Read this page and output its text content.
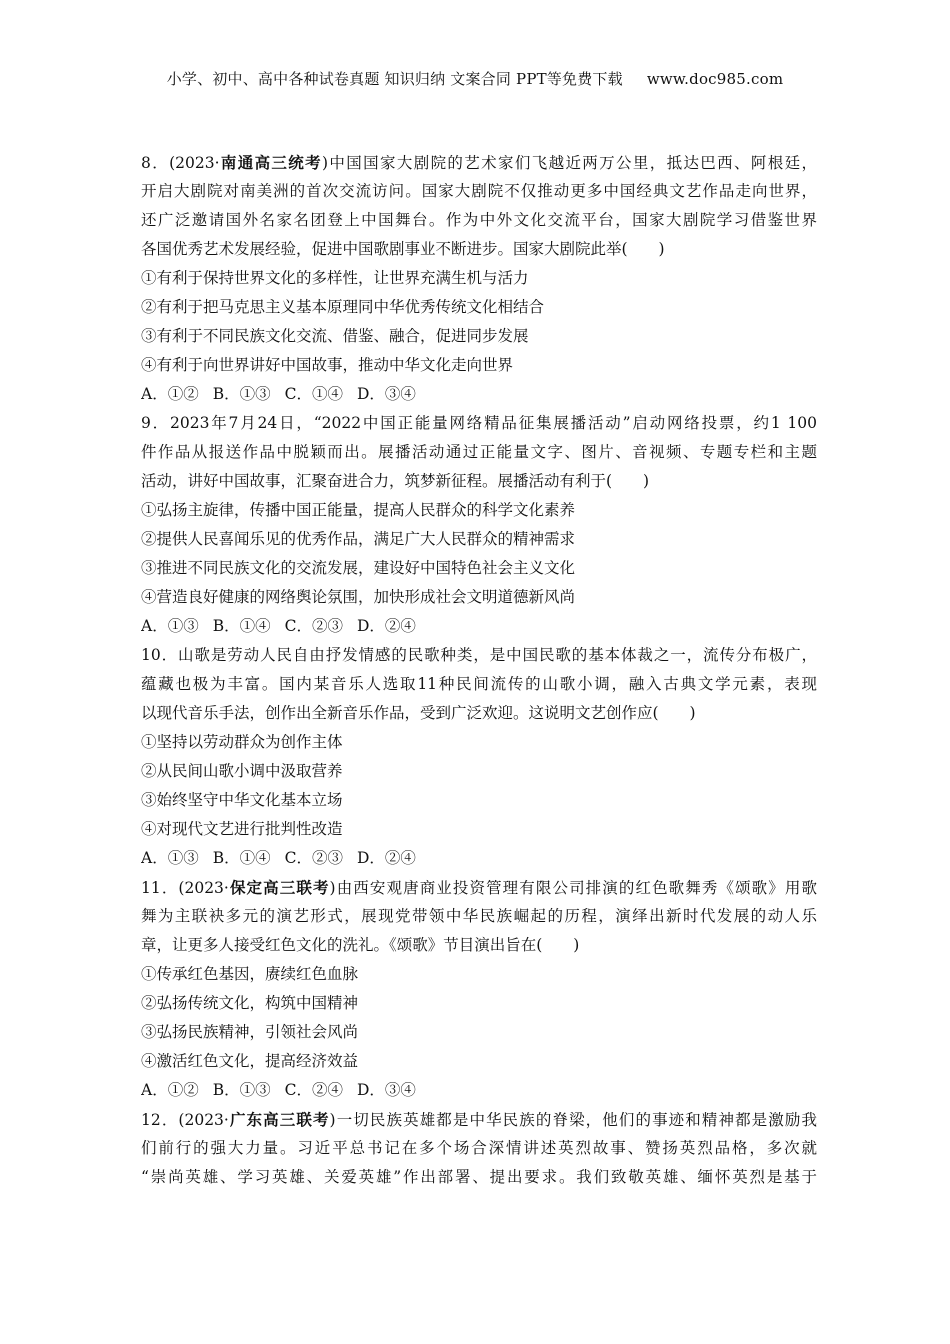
小学、初中、高中各种试卷真题 知识归纳 文案合同 PPT等免费下载 www.doc985.com
8．(2023·南通高三统考)中国国家大剧院的艺术家们飞越近两万公里，抵达巴西、阿根廷，
开启大剧院对南美洲的首次交流访问。国家大剧院不仅推动更多中国经典文艺作品走向世界，
还广泛邀请国外名家名团登上中国舞台。作为中外文化交流平台，国家大剧院学习借鉴世界
各国优秀艺术发展经验，促进中国歌剧事业不断进步。国家大剧院此举(　　)
①有利于保持世界文化的多样性，让世界充满生机与活力
②有利于把马克思主义基本原理同中华优秀传统文化相结合
③有利于不同民族文化交流、借鉴、融合，促进同步发展
④有利于向世界讲好中国故事，推动中华文化走向世界
A．①② B．①③ C．①④ D．③④
9．2023年7月24日，“2022中国正能量网络精品征集展播活动”启动网络投票，约1 100
件作品从报送作品中脱颖而出。展播活动通过正能量文字、图片、音视频、专题专栏和主题
活动，讲好中国故事，汇聚奋进合力，筑梦新征程。展播活动有利于(　　)
①弘扬主旋律，传播中国正能量，提高人民群众的科学文化素养
②提供人民喜闻乐见的优秀作品，满足广大人民群众的精神需求
③推进不同民族文化的交流发展，建设好中国特色社会主义文化
④营造良好健康的网络舆论氛围，加快形成社会文明道德新风尚
A．①③ B．①④ C．②③ D．②④
10．山歌是劳动人民自由抒发情感的民歌种类，是中国民歌的基本体裁之一，流传分布极广，
蕴藏也极为丰富。国内某音乐人选取11种民间流传的山歌小调，融入古典文学元素，表现
以现代音乐手法，创作出全新音乐作品，受到广泛欢迎。这说明文艺创作应(　　)
①坚持以劳动群众为创作主体
②从民间山歌小调中汲取营养
③始终坚守中华文化基本立场
④对现代文艺进行批判性改造
A．①③ B．①④ C．②③ D．②④
11．(2023·保定高三联考)由西安观唐商业投资管理有限公司排演的红色歌舞秀《颂歌》用歌
舞为主联袂多元的演艺形式，展现党带领中华民族崛起的历程，演绎出新时代发展的动人乐
章，让更多人接受红色文化的洗礼。《颂歌》节目演出旨在(　　)
①传承红色基因，赓续红色血脉
②弘扬传统文化，构筑中国精神
③弘扬民族精神，引领社会风尚
④激活红色文化，提高经济效益
A．①② B．①③ C．②④ D．③④
12．(2023·广东高三联考)一切民族英雄都是中华民族的脊梁，他们的事迹和精神都是激励我
们前行的强大力量。习近平总书记在多个场合深情讲述英烈故事、赞扬英烈品格，多次就
“崇尚英雄、学习英雄、关爱英雄”作出部署、提出要求。我们致敬英雄、缅怀英烈是基于
